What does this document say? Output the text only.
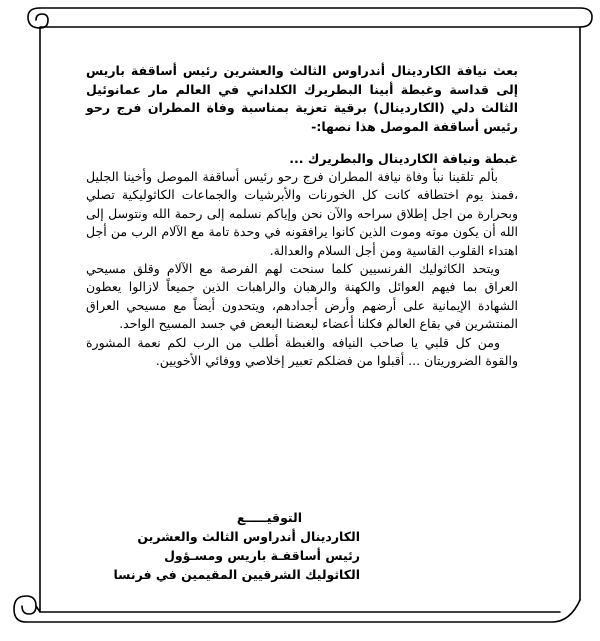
بعث نيافة الكاردينال أندراوس الثالث والعشرين رئيس أساقفة باريس إلى قداسة وغبطة أبينا البطريرك الكلداني في العالم مار عمانوئيل الثالث دلي (الكاردينال) برقية تعزية بمناسبة وفاة المطران فرج رحو رئيس أساقفة الموصل هذا نصها:-

غبطة ونيافة الكاردينال والبطريرك ...

بألم تلقينا نبأ وفاة نيافة المطران فرج رحو رئيس أساقفة الموصل وأخينا الجليل ،فمنذ يوم اختطافه كانت كل الخورنات والأبرشيات والجماعات الكاثوليكية تصلي وبحرارة من اجل إطلاق سراحه والآن نحن وإياكم نسلمه إلى رحمة الله ونتوسل إلى الله أن يكون موته وموت الذين كانوا يرافقونه في وحدة تامة مع الآلام الرب من أجل اهتداء القلوب القاسية ومن أجل السلام والعدالة.

ويتحد الكاثوليك الفرنسيين كلما سنحت لهم الفرصة مع الآلام وقلق مسيحي العراق بما فيهم العوائل والكهنة والرهبان والراهبات الذين جميعاً لازالوا يعطون الشهادة الإيمانية على أرضهم وأرض أجدادهم، ويتحدون أيضاً مع مسيحي العراق المنتشرين في بقاع العالم فكلنا أعضاء لبعضنا البعض في جسد المسيح الواحد.

ومن كل قلبي يا صاحب النيافه والغبطة أطلب من الرب لكم نعمة المشورة والقوة الضروريتان ... أقبلوا من فضلكم تعبير إخلاصي ووفائي الأخويين.

التوقيـــــع
الكاردينال أندراوس الثالث والعشرين
رئيس أساقفـة باريس ومسـؤول
الكاثوليك الشرقيين المقيمين في فرنسا
